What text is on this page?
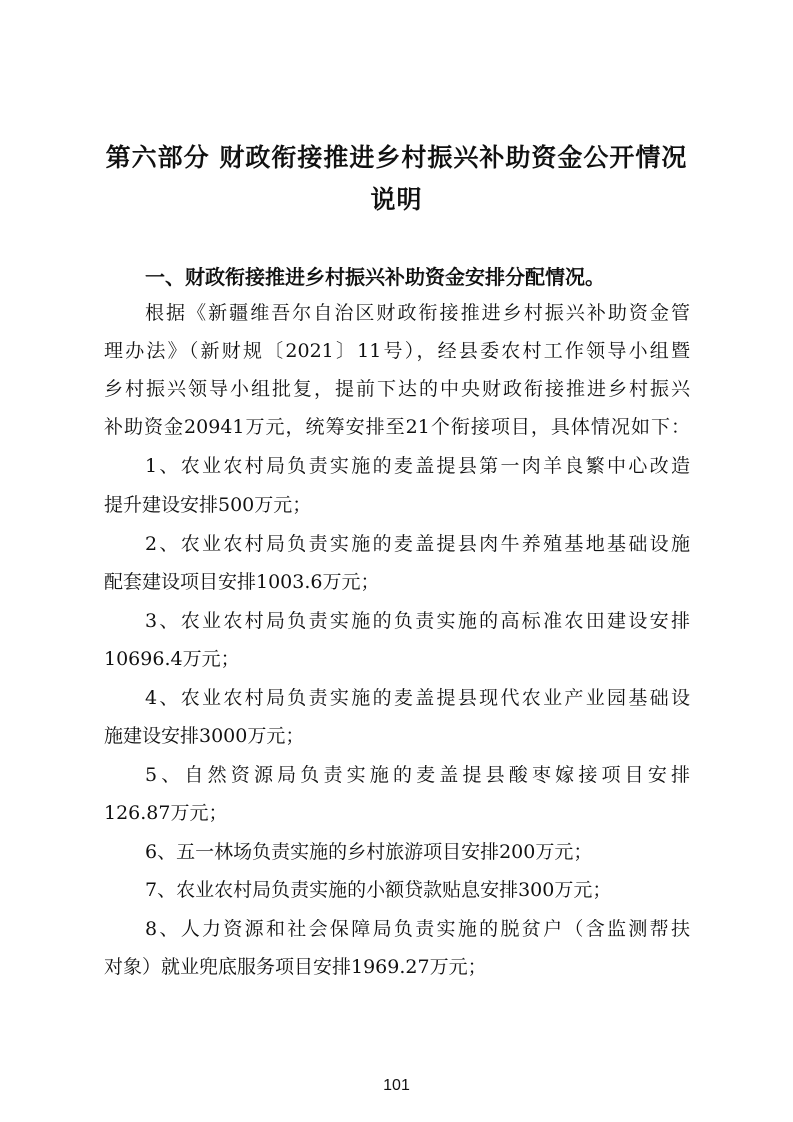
第六部分 财政衔接推进乡村振兴补助资金公开情况
说明
一、财政衔接推进乡村振兴补助资金安排分配情况。
根据《新疆维吾尔自治区财政衔接推进乡村振兴补助资金管
理办法》（新财规〔2021〕11号），经县委农村工作领导小组暨
乡村振兴领导小组批复，提前下达的中央财政衔接推进乡村振兴
补助资金20941万元，统筹安排至21个衔接项目，具体情况如下：
1、农业农村局负责实施的麦盖提县第一肉羊良繁中心改造
提升建设安排500万元；
2、农业农村局负责实施的麦盖提县肉牛养殖基地基础设施
配套建设项目安排1003.6万元；
3、农业农村局负责实施的负责实施的高标准农田建设安排
10696.4万元；
4、农业农村局负责实施的麦盖提县现代农业产业园基础设
施建设安排3000万元；
5、自然资源局负责实施的麦盖提县酸枣嫁接项目安排
126.87万元；
6、五一林场负责实施的乡村旅游项目安排200万元；
7、农业农村局负责实施的小额贷款贴息安排300万元；
8、人力资源和社会保障局负责实施的脱贫户（含监测帮扶
对象）就业兜底服务项目安排1969.27万元；
101
